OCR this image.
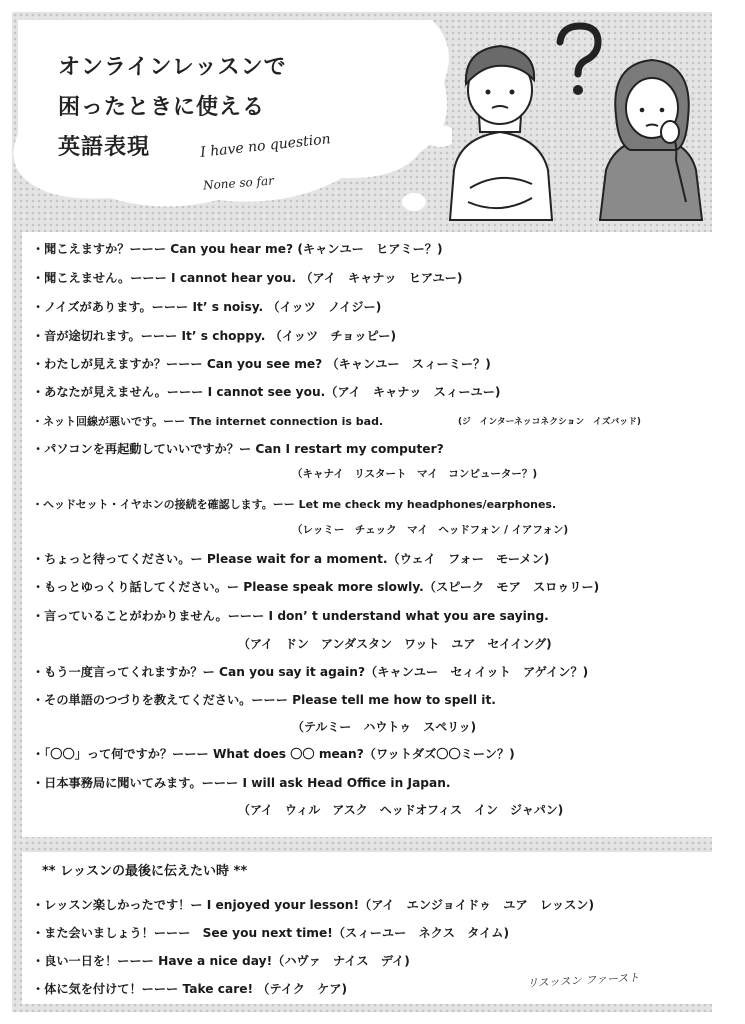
オンラインレッスンで
困ったときに使える
英語表現	I have no question
None so far
・聞こえますか？ーーー Can you hear me? (キャンユー　ヒアミー？)
・聞こえません。ーーー I cannot hear you. （アイ　キャナッ　ヒアユー)
・ノイズがあります。ーーー It’ s noisy. （イッツ　ノイジー)
・音が途切れます。ーーー It’ s choppy. （イッツ　チョッピー)
・わたしが見えますか？ーーー Can you see me? （キャンユー　スィーミー？)
・あなたが見えません。ーーー I cannot see you.（アイ　キャナッ　スィーユー)
・ネット回線が悪いです。ーー The internet connection is bad.	(ジ　インターネッコネクション　イズバッド)
・パソコンを再起動していいですか？ー Can I restart my computer?
（キャナイ　リスタート　マイ　コンピューター？)
・ヘッドセット・イヤホンの接続を確認します。ーー Let me check my headphones/earphones.
（レッミー　チェック　マイ　ヘッドフォン / イアフォン)
・ちょっと待ってください。ー Please wait for a moment.（ウェイ　フォー　モーメン)
・もっとゆっくり話してください。ー Please speak more slowly.（スピーク　モア　スロゥリー)
・言っていることがわかりません。ーーー I don’ t understand what you are saying.
（アイ　ドン　アンダスタン　ワット　ユア　セイイング)
・もう一度言ってくれますか？ー Can you say it again?（キャンユー　セィイット　アゲイン？)
・その単語のつづりを教えてください。ーーー Please tell me how to spell it.
（テルミー　ハウトゥ　スペリッ)
・「〇〇」って何ですか？ーーー What does 〇〇 mean?（ワットダズ〇〇ミーン？)
・日本事務局に聞いてみます。ーーー I will ask Head Office in Japan.
（アイ　ウィル　アスク　ヘッドオフィス　イン　ジャパン)
** レッスンの最後に伝えたい時 **
・レッスン楽しかったです！ー I enjoyed your lesson!（アイ　エンジョイドゥ　ユア　レッスン)
・また会いましょう！ーーー　See you next time!（スィーユー　ネクス　タイム)
・良い一日を！ーーー Have a nice day!（ハヴァ　ナイス　デイ)
・体に気を付けて！ーーー Take care! （テイク　ケア)	リスッスン ファースト
